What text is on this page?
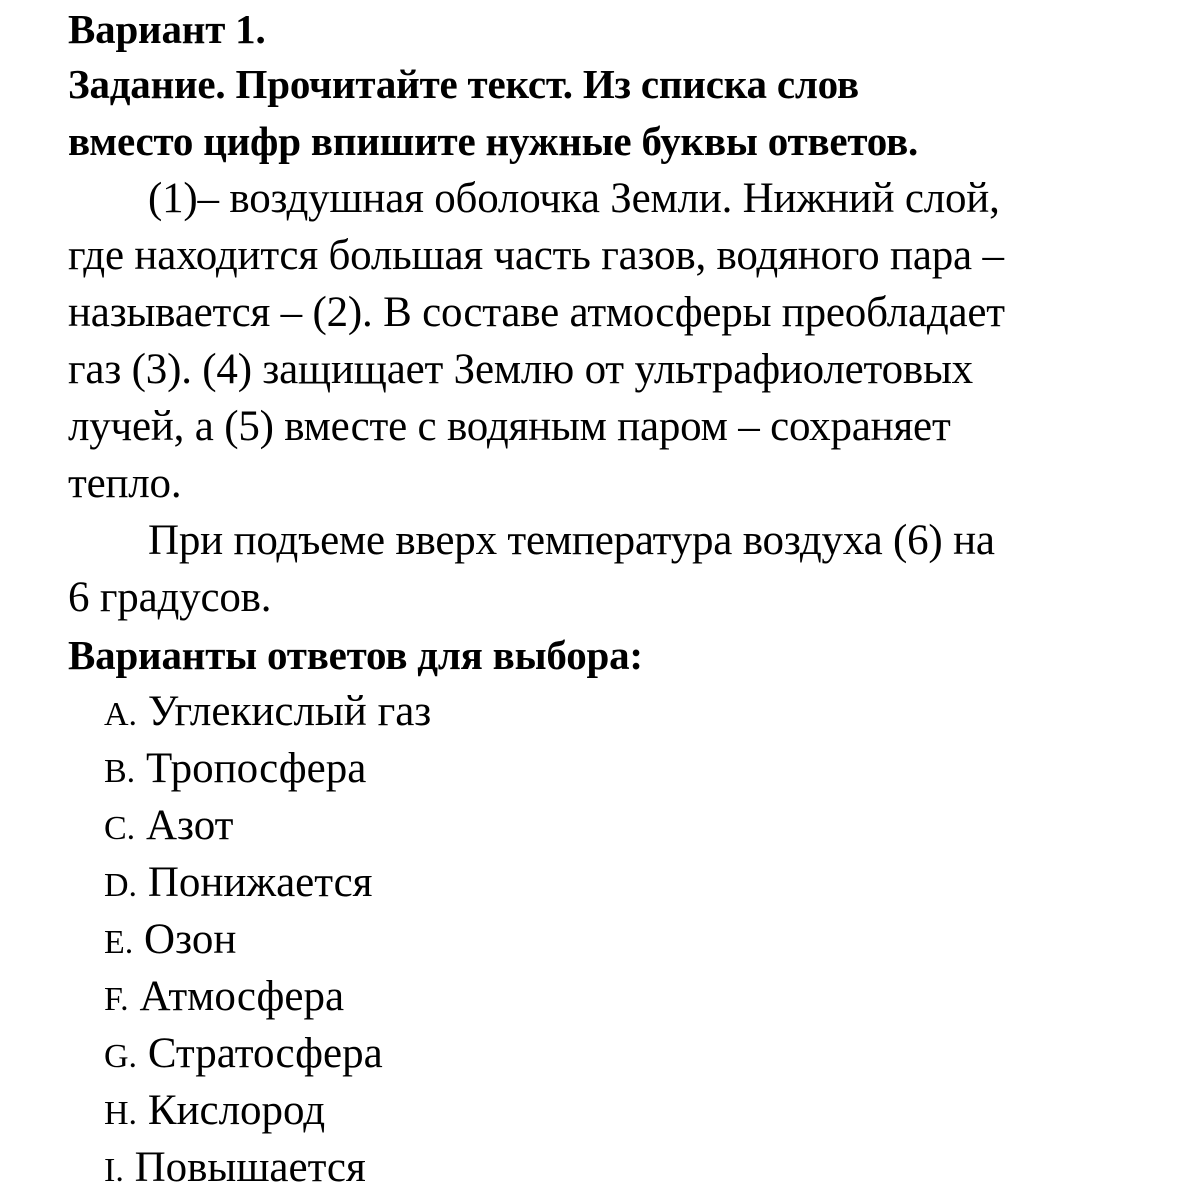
Вариант 1.
Задание. Прочитайте текст. Из списка слов
вместо цифр впишите нужные буквы ответов.
(1)– воздушная оболочка Земли. Нижний слой,
где находится большая часть газов, водяного пара –
называется – (2). В составе атмосферы преобладает
газ (3). (4) защищает Землю от ультрафиолетовых
лучей, а (5) вместе с водяным паром – сохраняет
тепло.
При подъеме вверх температура воздуха (6) на
6 градусов.
Варианты ответов для выбора:
A. Углекислый газ
B. Тропосфера
C. Азот
D. Понижается
E. Озон
F. Атмосфера
G. Стратосфера
H. Кислород
I. Повышается
